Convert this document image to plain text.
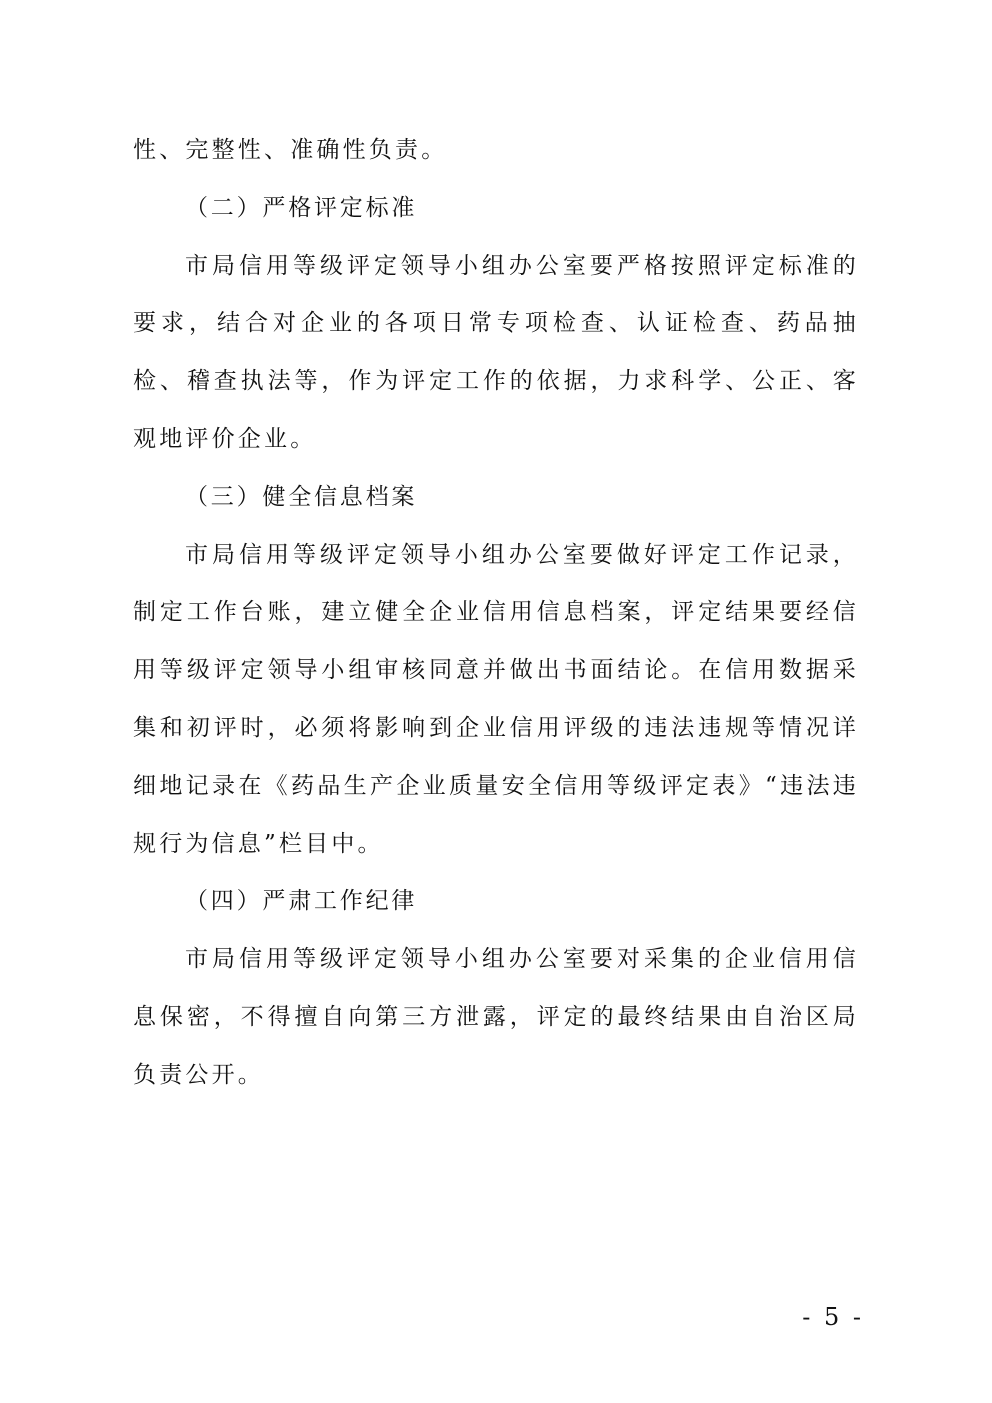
性、完整性、准确性负责。
（二）严格评定标准
市局信用等级评定领导小组办公室要严格按照评定标准的要求，结合对企业的各项日常专项检查、认证检查、药品抽检、稽查执法等，作为评定工作的依据，力求科学、公正、客观地评价企业。
（三）健全信息档案
市局信用等级评定领导小组办公室要做好评定工作记录，制定工作台账，建立健全企业信用信息档案，评定结果要经信用等级评定领导小组审核同意并做出书面结论。在信用数据采集和初评时，必须将影响到企业信用评级的违法违规等情况详细地记录在《药品生产企业质量安全信用等级评定表》“违法违规行为信息”栏目中。
（四）严肃工作纪律
市局信用等级评定领导小组办公室要对采集的企业信用信息保密，不得擅自向第三方泄露，评定的最终结果由自治区局负责公开。
- 5 -
